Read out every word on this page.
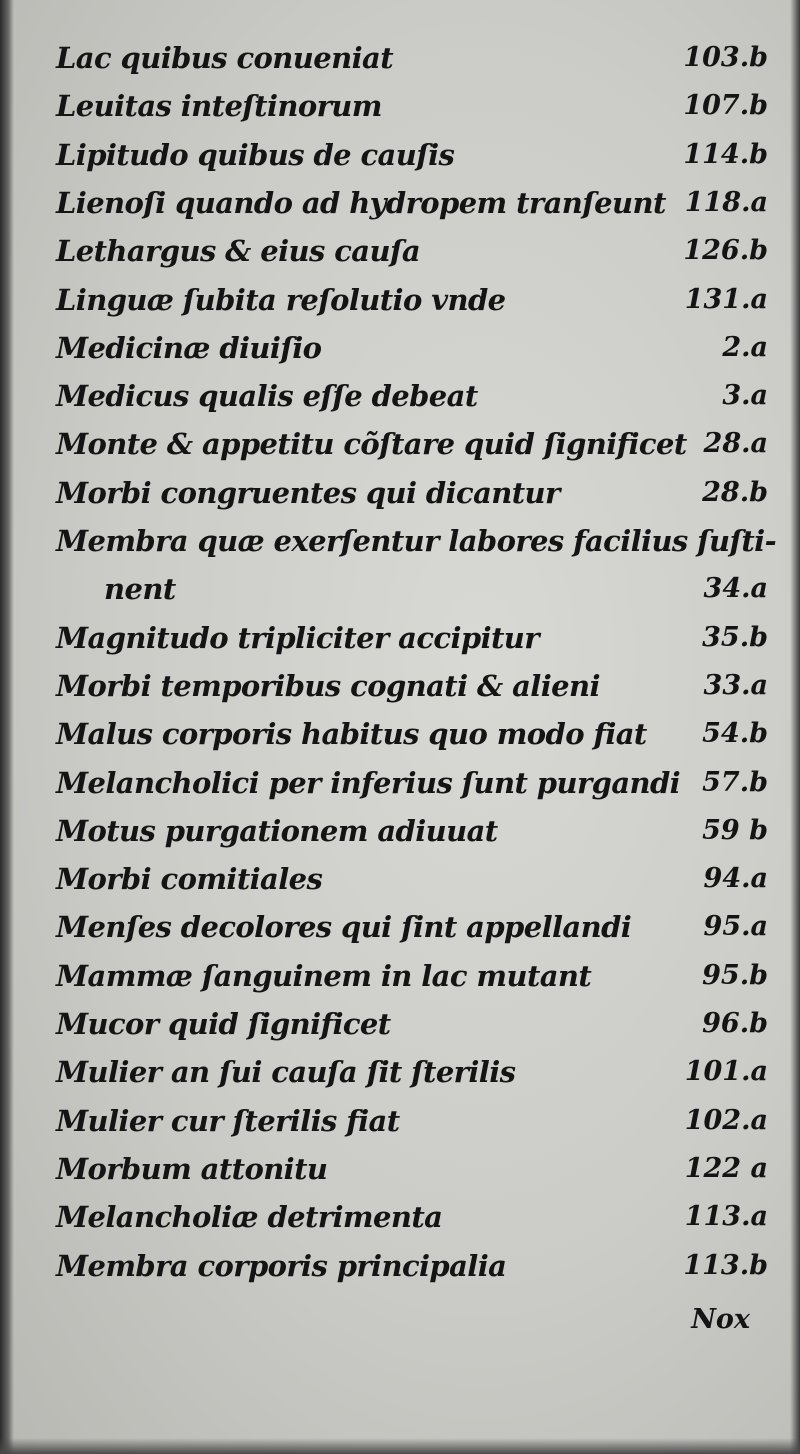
Lac quibus conueniat	103.b
Leuitas inteſtinorum	107.b
Lipitudo quibus de cauſis	114.b
Lienoſi quando ad hydropem tranſeunt 118.a
Lethargus & eius cauſa	126.b
Linguæ ſubita reſolutio vnde	131.a
Medicinæ diuiſio	2.a
Medicus qualis eſſe debeat	3.a
Monte & appetitu cõſtare quid ſignificet 28.a
Morbi congruentes qui dicantur	28.b
Membra quæ exerſentur labores facilius ſuſti-
nent	34.a
Magnitudo tripliciter accipitur	35.b
Morbi temporibus cognati & alieni	33.a
Malus corporis habitus quo modo fiat 54.b
Melancholici per inferius ſunt purgandi 57.b
Motus purgationem adiuuat	59 b
Morbi comitiales	94.a
Menſes decolores qui ſint appellandi	95.a
Mammæ ſanguinem in lac mutant	95.b
Mucor quid ſignificet	96.b
Mulier an ſui cauſa ſit ſterilis	101.a
Mulier cur ſterilis fiat	102.a
Morbum attonitu	122 a
Melancholiæ detrimenta	113.a
Membra corporis principalia	113.b
Nox
